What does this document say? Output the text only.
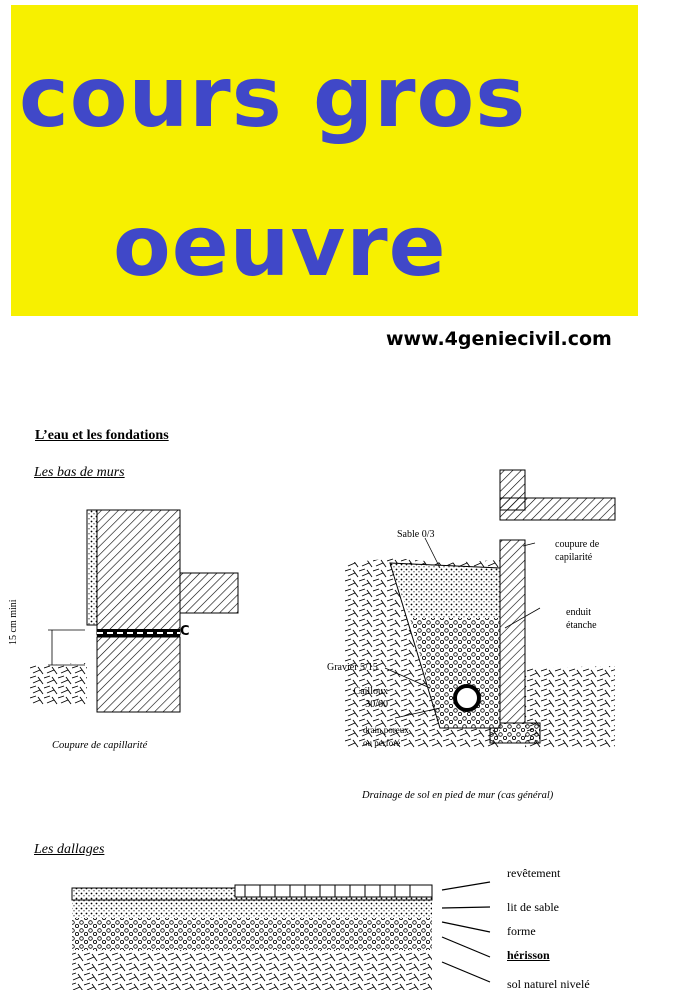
cours gros
oeuvre
www.4geniecivil.com
L’eau et les fondations
Les bas de murs
15 cm mini	C
Coupure de capillarité
Sable 0/3
coupure de capilarité
enduit étanche
Gravier 5/15
Cailloux 30/60
drain poreux ou perforé
Drainage de sol en pied de mur (cas général)
Les dallages
revêtement
lit de sable
forme
hérisson
sol naturel nivelé
